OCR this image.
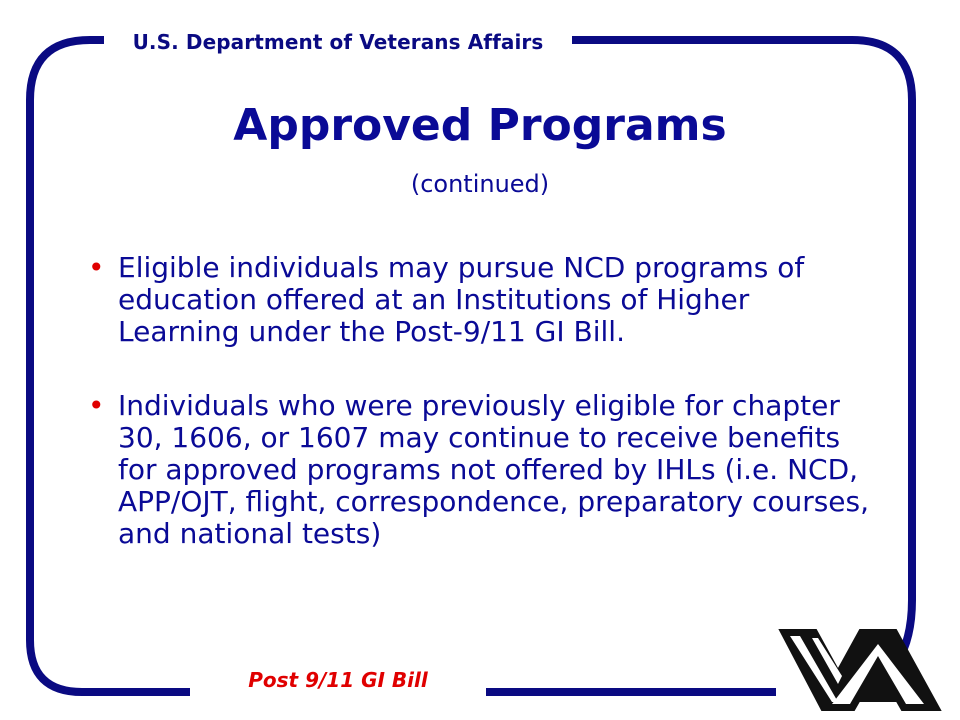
U.S. Department of Veterans Affairs
Approved Programs
(continued)
• Eligible individuals may pursue NCD programs of education offered at an Institutions of Higher Learning under the Post-9/11 GI Bill.
• Individuals who were previously eligible for chapter 30, 1606, or 1607 may continue to receive benefits for approved programs not offered by IHLs (i.e. NCD, APP/OJT, flight, correspondence, preparatory courses, and national tests)
Post 9/11 GI Bill
